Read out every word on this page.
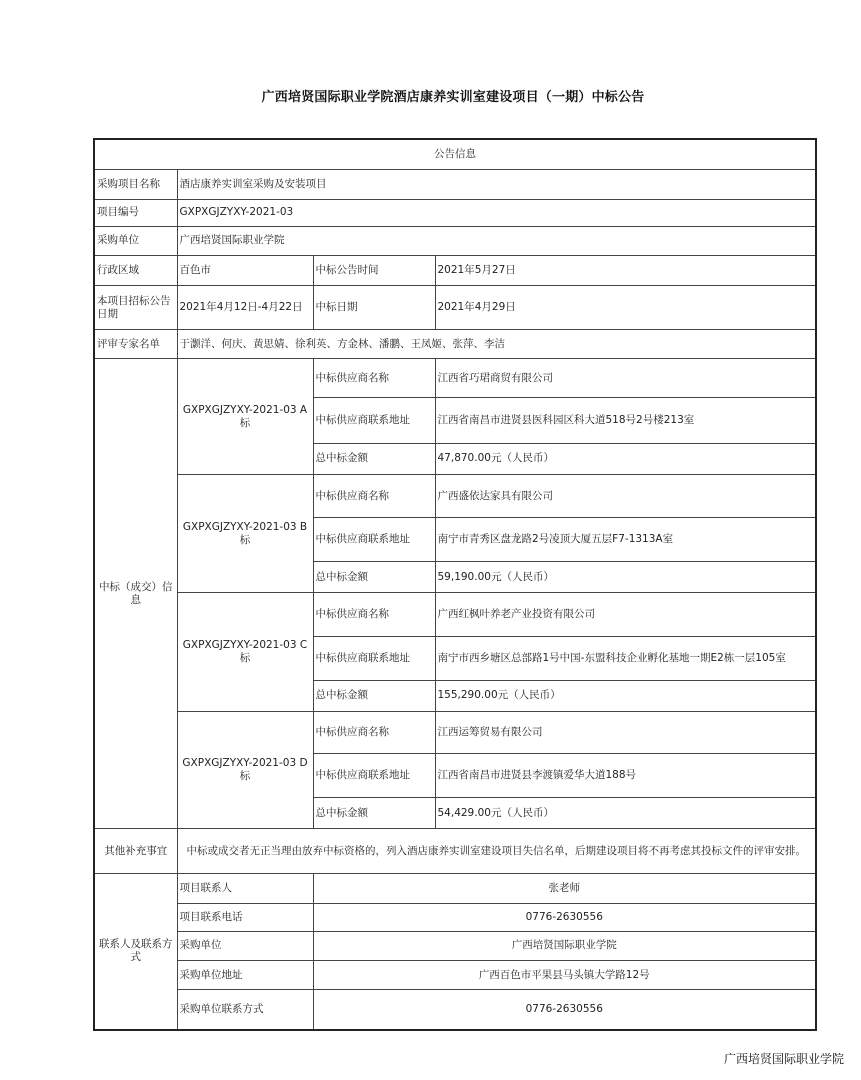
广西培贤国际职业学院酒店康养实训室建设项目（一期）中标公告
公告信息			
采购项目名称	酒店康养实训室采购及安装项目		
项目编号	GXPXGJZYXY-2021-03		
采购单位	广西培贤国际职业学院		
行政区域	百色市	中标公告时间	2021年5月27日
本项目招标公告日期	2021年4月12日-4月22日	中标日期	2021年4月29日
评审专家名单	于灏洋、何庆、黄思婧、徐利英、方金林、潘鹏、王凤姬、张萍、李洁		
中标（成交）信息	GXPXGJZYXY-2021-03 A标	中标供应商名称	江西省巧珺商贸有限公司
		中标供应商联系地址	江西省南昌市进贤县医科园区科大道518号2号楼213室
		总中标金额	47,870.00元（人民币）
	GXPXGJZYXY-2021-03 B标	中标供应商名称	广西盛依达家具有限公司
		中标供应商联系地址	南宁市青秀区盘龙路2号凌顶大厦五层F7-1313A室
		总中标金额	59,190.00元（人民币）
	GXPXGJZYXY-2021-03 C标	中标供应商名称	广西红枫叶养老产业投资有限公司
		中标供应商联系地址	南宁市西乡塘区总部路1号中国-东盟科技企业孵化基地一期E2栋一层105室
		总中标金额	155,290.00元（人民币）
	GXPXGJZYXY-2021-03 D标	中标供应商名称	江西运筹贸易有限公司
		中标供应商联系地址	江西省南昌市进贤县李渡镇爱华大道188号
		总中标金额	54,429.00元（人民币）
其他补充事宜	中标或成交者无正当理由放弃中标资格的，列入酒店康养实训室建设项目失信名单，后期建设项目将不再考虑其投标文件的评审安排。		
联系人及联系方式	项目联系人	张老师	
	项目联系电话	0776-2630556	
	采购单位	广西培贤国际职业学院	
	采购单位地址	广西百色市平果县马头镇大学路12号	
	采购单位联系方式	0776-2630556	
广西培贤国际职业学院
